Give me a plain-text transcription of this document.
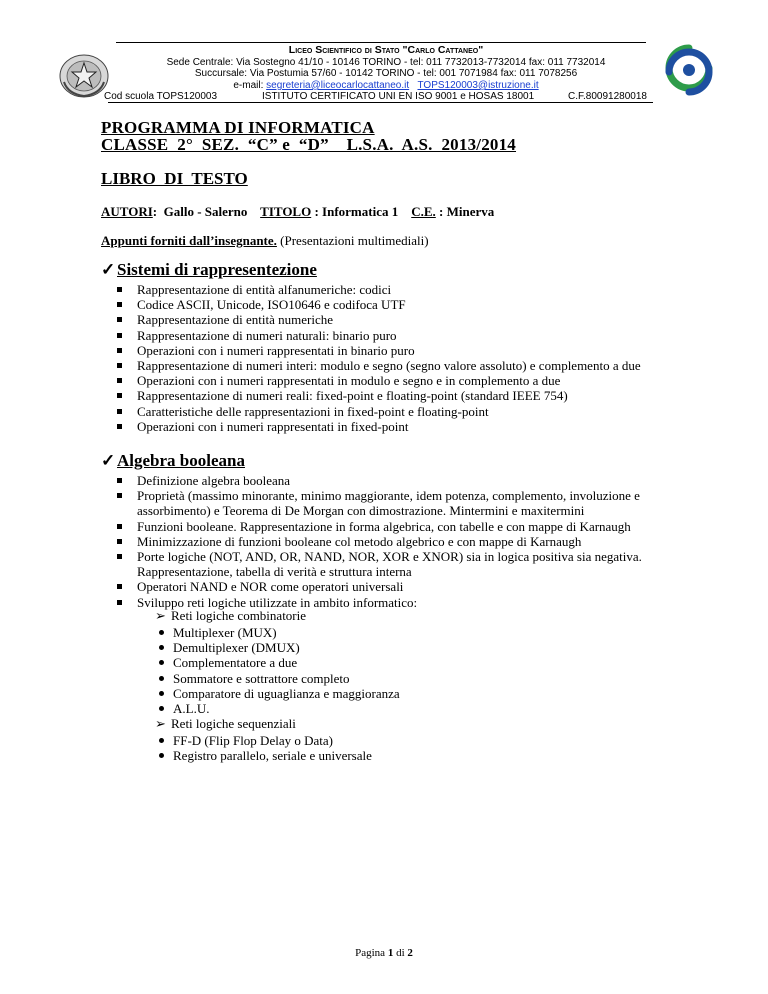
Liceo Scientifico di Stato "Carlo Cattaneo"
Sede Centrale: Via Sostegno 41/10 - 10146 TORINO - tel: 011 7732013-7732014 fax: 011 7732014
Succursale: Via Postumia 57/60 - 10142 TORINO - tel: 001 7071984 fax: 011 7078256
e-mail: segreteria@liceocarlocattaneo.it TOPS120003@istruzione.it
Cod scuola TOPS120003	ISTITUTO CERTIFICATO UNI EN ISO 9001 e HOSAS 18001	C.F.80091280018
PROGRAMMA DI INFORMATICA
CLASSE  2°  SEZ.  “C” e  “D”    L.S.A.  A.S.  2013/2014
LIBRO  DI  TESTO
AUTORI:  Gallo - Salerno    TITOLO : Informatica 1    C.E. : Minerva
Appunti forniti dall’insegnante. (Presentazioni multimediali)
✓ Sistemi di rappresentezione
Rappresentazione di entità alfanumeriche: codici
Codice ASCII, Unicode, ISO10646 e codifoca UTF
Rappresentazione di entità numeriche
Rappresentazione di numeri naturali: binario puro
Operazioni con i numeri rappresentati in binario puro
Rappresentazione di numeri interi: modulo e segno (segno valore assoluto) e complemento a due
Operazioni con i numeri rappresentati in modulo e segno e in complemento a due
Rappresentazione di numeri reali: fixed-point e floating-point (standard IEEE 754)
Caratteristiche delle rappresentazioni in fixed-point e floating-point
Operazioni con i numeri rappresentati in fixed-point
✓ Algebra booleana
Definizione algebra booleana
Proprietà (massimo minorante, minimo maggiorante, idem potenza, complemento, involuzione e assorbimento) e Teorema di De Morgan con dimostrazione. Mintermini e maxitermini
Funzioni booleane. Rappresentazione in forma algebrica, con tabelle e con mappe di Karnaugh
Minimizzazione di funzioni booleane col metodo algebrico e con mappe di Karnaugh
Porte logiche (NOT, AND, OR, NAND, NOR, XOR e XNOR) sia in logica positiva sia negativa. Rappresentazione, tabella di verità e struttura interna
Operatori NAND e NOR come operatori universali
Sviluppo reti logiche utilizzate in ambito informatico:
➢ Reti logiche combinatorie
Multiplexer (MUX)
Demultiplexer (DMUX)
Complementatore a due
Sommatore e sottrattore completo
Comparatore di uguaglianza e maggioranza
A.L.U.
➢ Reti logiche sequenziali
FF-D (Flip Flop Delay o Data)
Registro parallelo, seriale e universale
Pagina 1 di 2
